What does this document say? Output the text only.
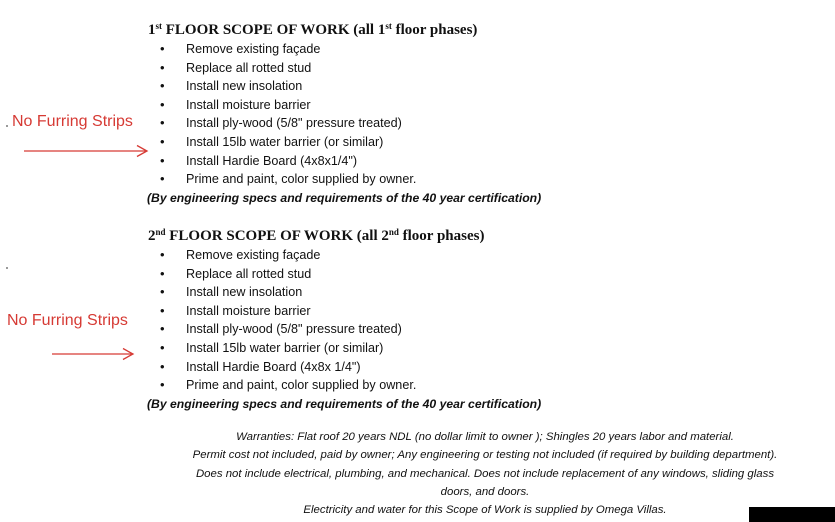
1st FLOOR SCOPE OF WORK (all 1st floor phases)
• Remove existing façade
• Replace all rotted stud
• Install new insolation
• Install moisture barrier
• Install ply-wood (5/8" pressure treated)
• Install 15lb water barrier (or similar)
• Install Hardie Board (4x8x1/4")
• Prime and paint, color supplied by owner.
(By engineering specs and requirements of the 40 year certification)
2nd FLOOR SCOPE OF WORK (all 2nd floor phases)
• Remove existing façade
• Replace all rotted stud
• Install new insolation
• Install moisture barrier
• Install ply-wood (5/8" pressure treated)
• Install 15lb water barrier (or similar)
• Install Hardie Board (4x8x 1/4")
• Prime and paint, color supplied by owner.
(By engineering specs and requirements of the 40 year certification)
No Furring Strips
No Furring Strips
Warranties: Flat roof 20 years NDL (no dollar limit to owner ); Shingles 20 years labor and material.
Permit cost not included, paid by owner; Any engineering or testing not included (if required by building department).
Does not include electrical, plumbing, and mechanical. Does not include replacement of any windows, sliding glass
doors, and doors.
Electricity and water for this Scope of Work is supplied by Omega Villas.
